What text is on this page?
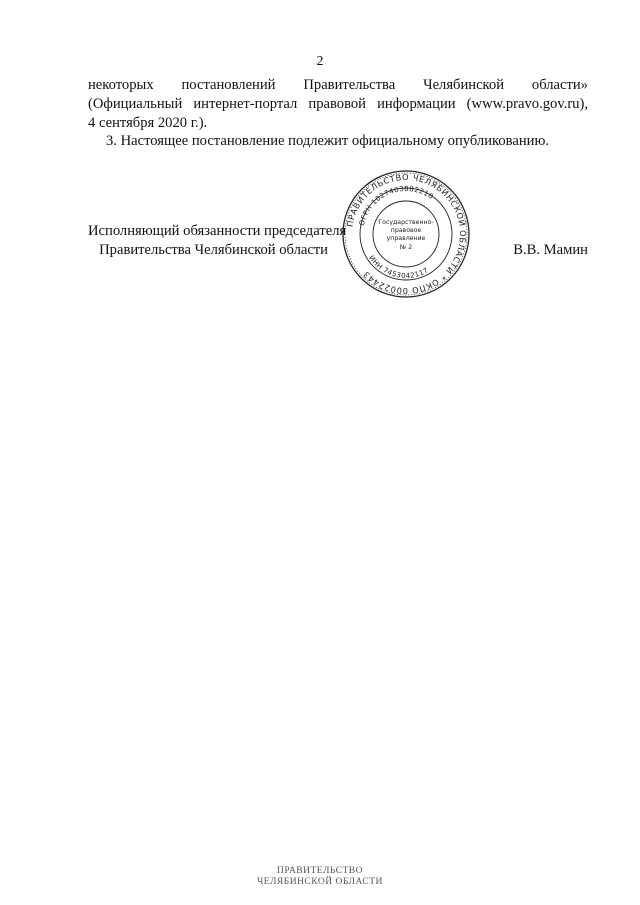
2
некоторых постановлений Правительства Челябинской области»
(Официальный интернет-портал правовой информации (www.pravo.gov.ru),
4 сентября 2020 г.).
3. Настоящее постановление подлежит официальному опубликованию.
ПРАВИТЕЛЬСТВО ЧЕЛЯБИНСКОЙ ОБЛАСТИ * ОКПО 00022443
ОГРН 1027403882210
ИНН 7453042117
Государственно-
правовое
управление
№ 2
Исполняющий обязанности председателя
Правительства Челябинской области	В.В. Мамин
ПРАВИТЕЛЬСТВО
ЧЕЛЯБИНСКОЙ ОБЛАСТИ
